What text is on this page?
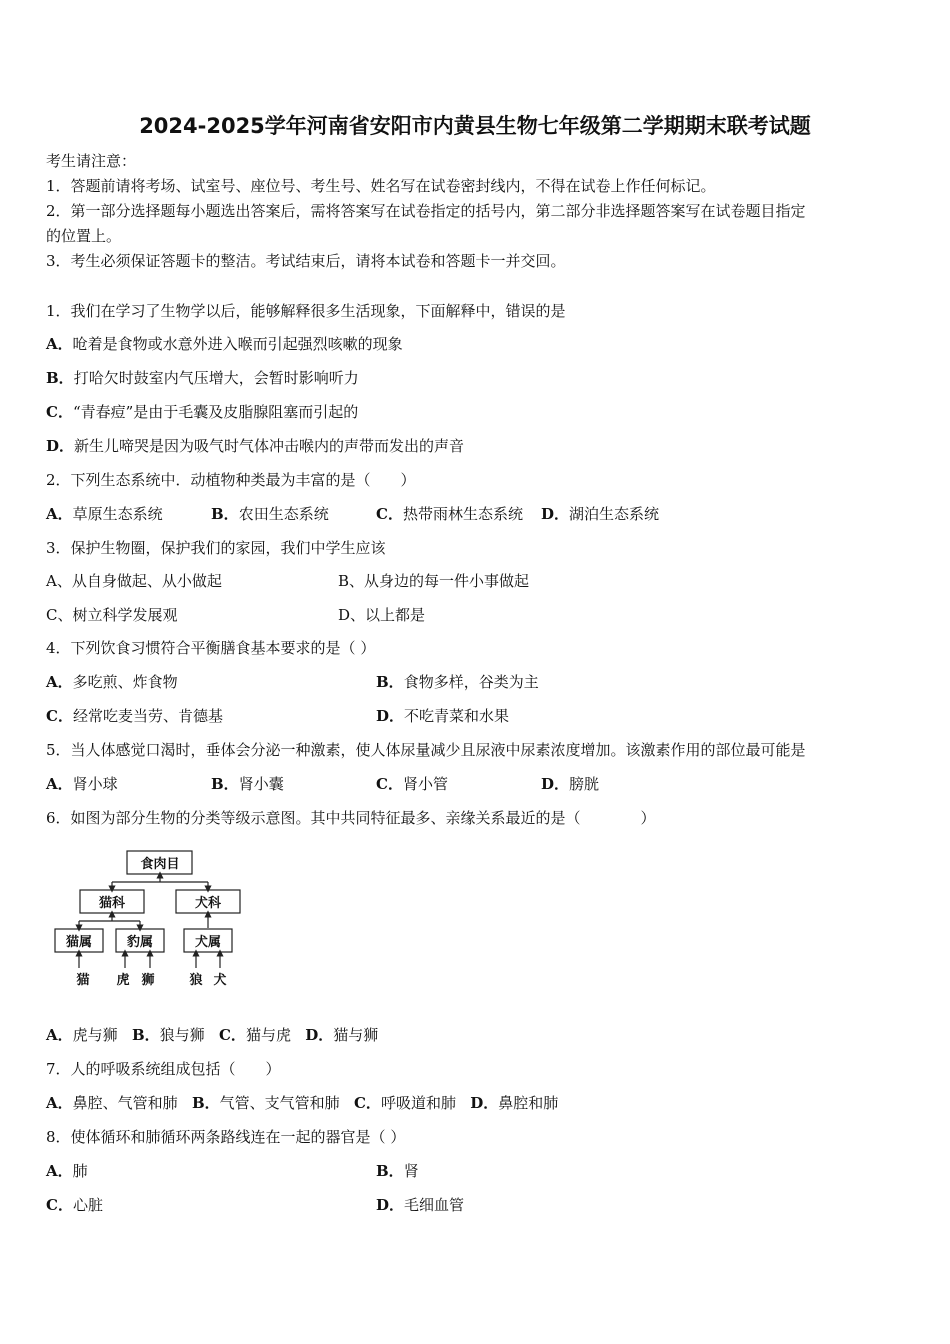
2024-2025学年河南省安阳市内黄县生物七年级第二学期期末联考试题
考生请注意：
1．答题前请将考场、试室号、座位号、考生号、姓名写在试卷密封线内，不得在试卷上作任何标记。
2．第一部分选择题每小题选出答案后，需将答案写在试卷指定的括号内，第二部分非选择题答案写在试卷题目指定
的位置上。
3．考生必须保证答题卡的整洁。考试结束后，请将本试卷和答题卡一并交回。
1．我们在学习了生物学以后，能够解释很多生活现象，下面解释中，错误的是
A．呛着是食物或水意外进入喉而引起强烈咳嗽的现象
B．打哈欠时鼓室内气压增大，会暂时影响听力
C．“青春痘”是由于毛囊及皮脂腺阻塞而引起的
D．新生儿啼哭是因为吸气时气体冲击喉内的声带而发出的声音
2．下列生态系统中．动植物种类最为丰富的是（　　）
A．草原生态系统	B．农田生态系统	C．热带雨林生态系统 D．湖泊生态系统
3．保护生物圈，保护我们的家园，我们中学生应该
A、从自身做起、从小做起	B、从身边的每一件小事做起
C、树立科学发展观	D、以上都是
4．下列饮食习惯符合平衡膳食基本要求的是（ ）
A．多吃煎、炸食物	B．食物多样，谷类为主
C．经常吃麦当劳、肯德基	D．不吃青菜和水果
5．当人体感觉口渴时，垂体会分泌一种激素，使人体尿量减少且尿液中尿素浓度增加。该激素作用的部位最可能是
A．肾小球	B．肾小囊	C．肾小管	D．膀胱
6．如图为部分生物的分类等级示意图。其中共同特征最多、亲缘关系最近的是（　　　　）
食肉目
猫科	犬科
猫属	豹属	犬属
猫 虎 狮	狼 犬
A．虎与狮 B．狼与狮 C．猫与虎 D．猫与狮
7．人的呼吸系统组成包括（　　）
A．鼻腔、气管和肺 B．气管、支气管和肺 C．呼吸道和肺 D．鼻腔和肺
8．使体循环和肺循环两条路线连在一起的器官是（ ）
A．肺	B．肾
C．心脏	D．毛细血管
